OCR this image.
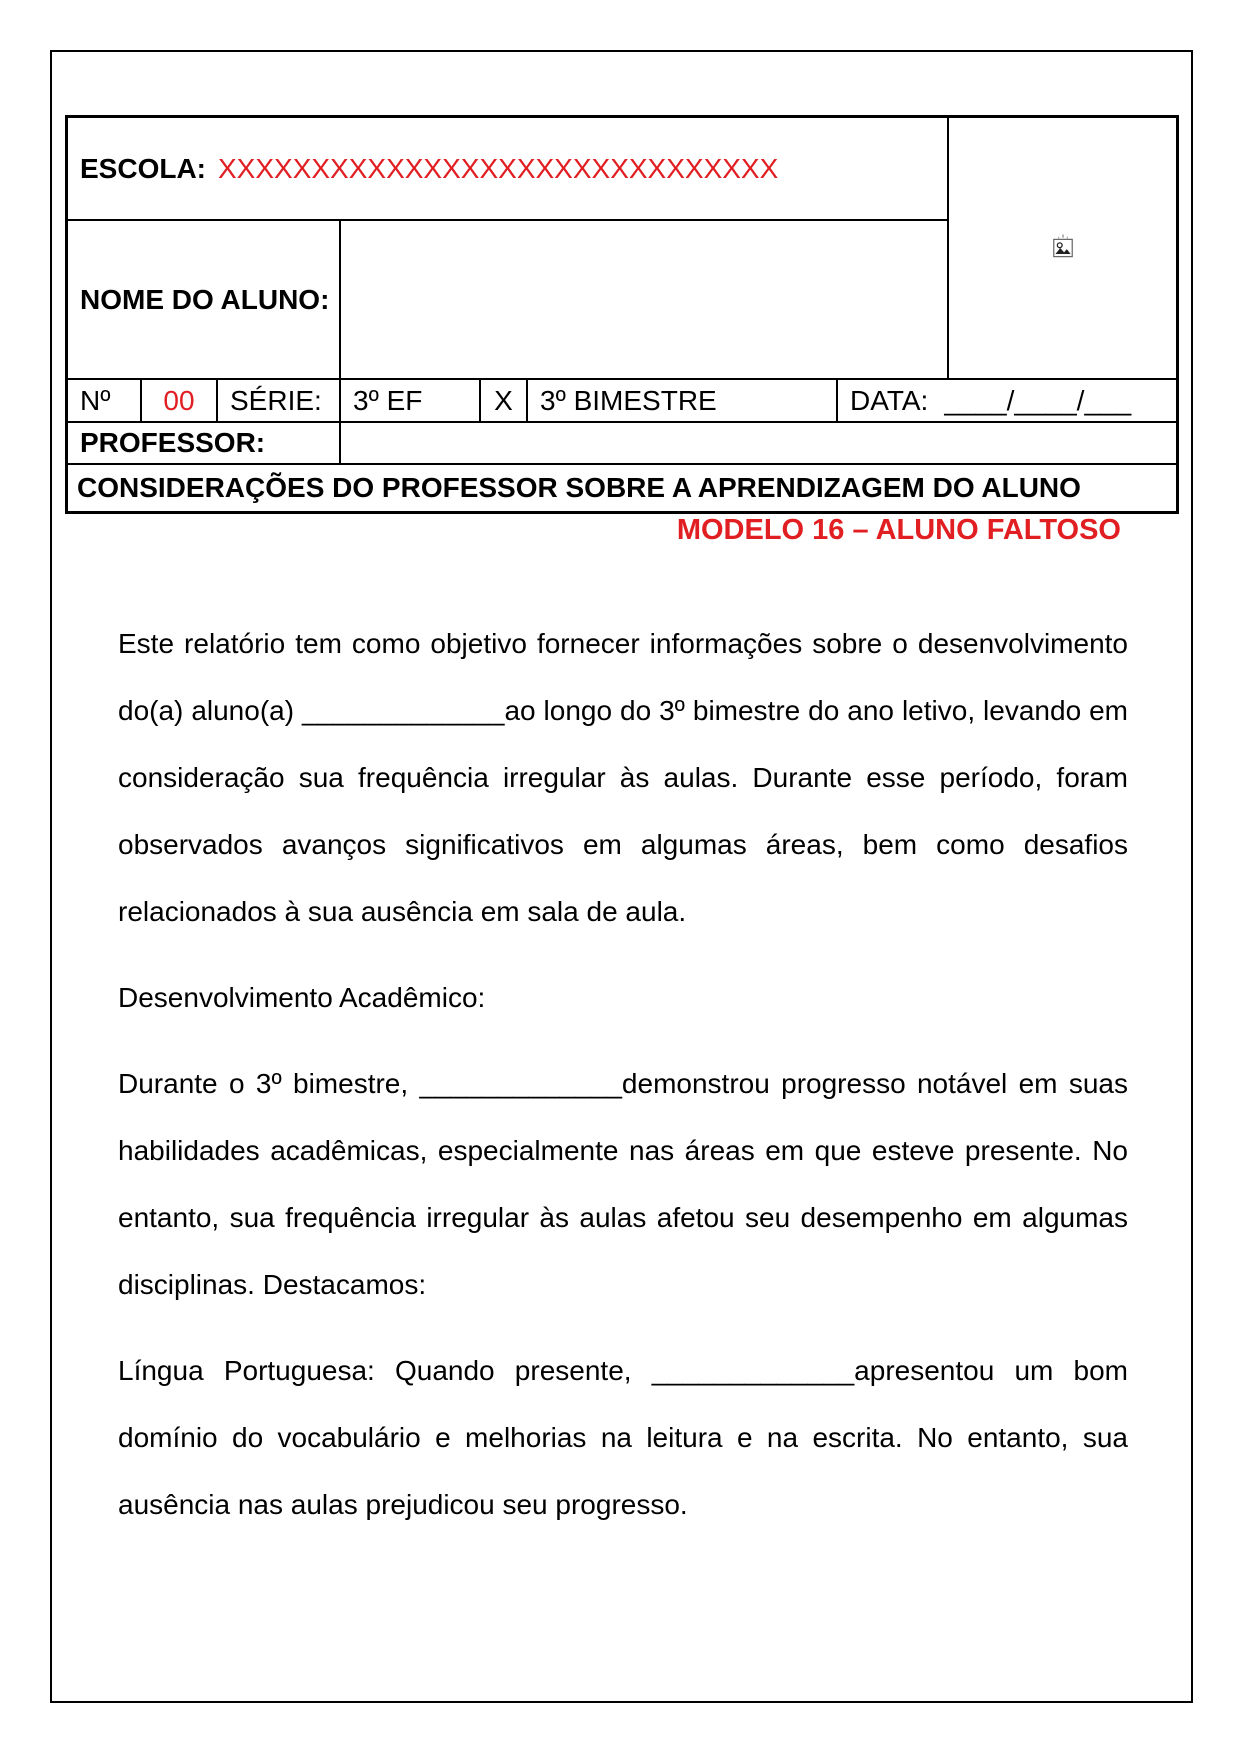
ESCOLA: XXXXXXXXXXXXXXXXXXXXXXXXXXXXXX
NOME DO ALUNO:
Nº	00	SÉRIE:	3º EF	X 3º BIMESTRE	DATA: ____/____/___
PROFESSOR:
CONSIDERAÇÕES DO PROFESSOR SOBRE A APRENDIZAGEM DO ALUNO
MODELO 16 – ALUNO FALTOSO

Este relatório tem como objetivo fornecer informações sobre o desenvolvimento do(a) aluno(a) _____________ao longo do 3º bimestre do ano letivo, levando em consideração sua frequência irregular às aulas. Durante esse período, foram observados avanços significativos em algumas áreas, bem como desafios relacionados à sua ausência em sala de aula.

Desenvolvimento Acadêmico:

Durante o 3º bimestre, _____________demonstrou progresso notável em suas habilidades acadêmicas, especialmente nas áreas em que esteve presente. No entanto, sua frequência irregular às aulas afetou seu desempenho em algumas disciplinas. Destacamos:

Língua Portuguesa: Quando presente, _____________apresentou um bom domínio do vocabulário e melhorias na leitura e na escrita. No entanto, sua ausência nas aulas prejudicou seu progresso.
